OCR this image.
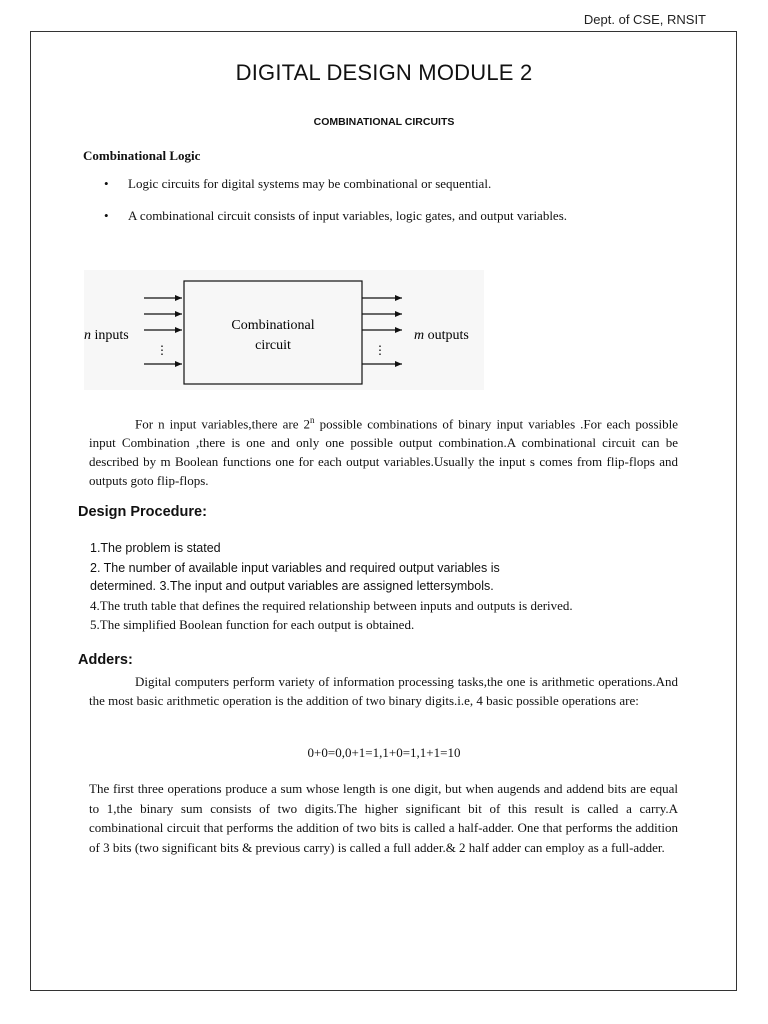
Dept. of CSE, RNSIT
DIGITAL DESIGN MODULE 2
COMBINATIONAL CIRCUITS
Combinational Logic
• Logic circuits for digital systems may be combinational or sequential.
• A combinational circuit consists of input variables, logic gates, and output variables.
⋮
Combinational
circuit	⋮
n inputs	m outputs
For n input variables,there are 2$^n$ possible combinations of binary input variables .For each possible input Combination ,there is one and only one possible output combination.A combinational circuit can be described by m Boolean functions one for each output variables.Usually the input s comes from flip-flops and outputs goto flip-flops.
Design Procedure:
1.The problem is stated
2. The number of available input variables and required output variables is
determined. 3.The input and output variables are assigned lettersymbols.
4.The truth table that defines the required relationship between inputs and outputs is derived.
5.The simplified Boolean function for each output is obtained.
Adders:
Digital computers perform variety of information processing tasks,the one is arithmetic operations.And the most basic arithmetic operation is the addition of two binary digits.i.e, 4 basic possible operations are:
0+0=0,0+1=1,1+0=1,1+1=10
The first three operations produce a sum whose length is one digit, but when augends and addend bits are equal to 1,the binary sum consists of two digits.The higher significant bit of this result is called a carry.A combinational circuit that performs the addition of two bits is called a half-adder. One that performs the addition of 3 bits (two significant bits & previous carry) is called a full adder.& 2 half adder can employ as a full-adder.
